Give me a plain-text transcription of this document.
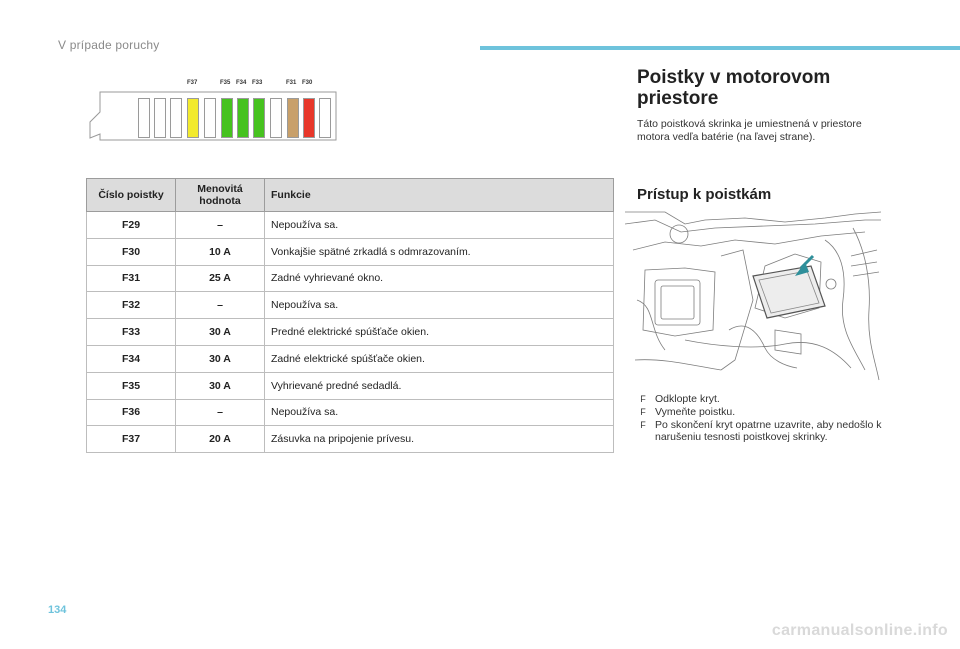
V prípade poruchy
F37	F35 F34 F33	F31 F30
Číslo poistky	Menovitá hodnota	Funkcie
F29	–	Nepoužíva sa.
F30	10 A	Vonkajšie spätné zrkadlá s odmrazovaním.
F31	25 A	Zadné vyhrievané okno.
F32	–	Nepoužíva sa.
F33	30 A	Predné elektrické spúšťače okien.
F34	30 A	Zadné elektrické spúšťače okien.
F35	30 A	Vyhrievané predné sedadlá.
F36	–	Nepoužíva sa.
F37	20 A	Zásuvka na pripojenie prívesu.
Poistky v motorovom priestore
Táto poistková skrinka je umiestnená v priestore motora vedľa batérie (na ľavej strane).
Prístup k poistkám
F Odklopte kryt.
F Vymeňte poistku.
F Po skončení kryt opatrne uzavrite, aby nedošlo k narušeniu tesnosti poistkovej skrinky.
134
carmanualsonline.info
